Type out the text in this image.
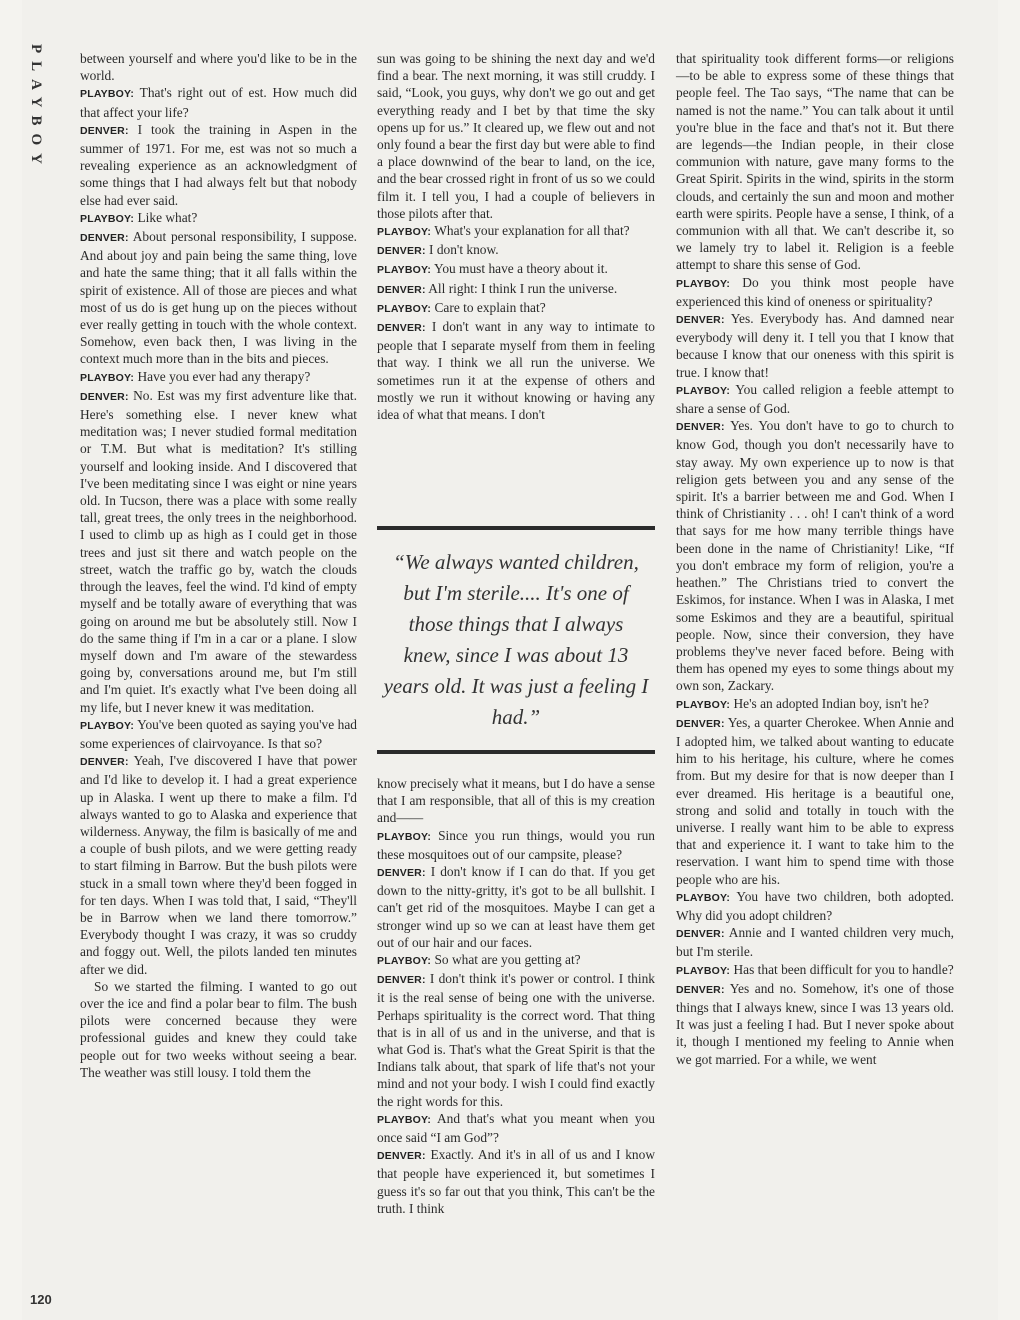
PLAYBOY
120

between yourself and where you'd like to be in the world.

PLAYBOY: That's right out of est. How much did that affect your life?

DENVER: I took the training in Aspen in the summer of 1971. For me, est was not so much a revealing experience as an acknowledgment of some things that I had always felt but that nobody else had ever said.

PLAYBOY: Like what?

DENVER: About personal responsibility, I suppose. And about joy and pain being the same thing, love and hate the same thing; that it all falls within the spirit of existence. All of those are pieces and what most of us do is get hung up on the pieces without ever really getting in touch with the whole context. Somehow, even back then, I was living in the context much more than in the bits and pieces.

PLAYBOY: Have you ever had any therapy?

DENVER: No. Est was my first adventure like that. Here's something else. I never knew what meditation was; I never studied formal meditation or T.M. But what is meditation? It's stilling yourself and looking inside. And I discovered that I've been meditating since I was eight or nine years old. In Tucson, there was a place with some really tall, great trees, the only trees in the neighborhood. I used to climb up as high as I could get in those trees and just sit there and watch people on the street, watch the traffic go by, watch the clouds through the leaves, feel the wind. I'd kind of empty myself and be totally aware of everything that was going on around me but be absolutely still. Now I do the same thing if I'm in a car or a plane. I slow myself down and I'm aware of the stewardess going by, conversations around me, but I'm still and I'm quiet. It's exactly what I've been doing all my life, but I never knew it was meditation.

PLAYBOY: You've been quoted as saying you've had some experiences of clairvoyance. Is that so?

DENVER: Yeah, I've discovered I have that power and I'd like to develop it. I had a great experience up in Alaska. I went up there to make a film. I'd always wanted to go to Alaska and experience that wilderness. Anyway, the film is basically of me and a couple of bush pilots, and we were getting ready to start filming in Barrow. But the bush pilots were stuck in a small town where they'd been fogged in for ten days. When I was told that, I said, “They'll be in Barrow when we land there tomorrow.” Everybody thought I was crazy, it was so cruddy and foggy out. Well, the pilots landed ten minutes after we did.

So we started the filming. I wanted to go out over the ice and find a polar bear to film. The bush pilots were concerned because they were professional guides and knew they could take people out for two weeks without seeing a bear. The weather was still lousy. I told them the

sun was going to be shining the next day and we'd find a bear. The next morning, it was still cruddy. I said, “Look, you guys, why don't we go out and get everything ready and I bet by that time the sky opens up for us.” It cleared up, we flew out and not only found a bear the first day but were able to find a place downwind of the bear to land, on the ice, and the bear crossed right in front of us so we could film it. I tell you, I had a couple of believers in those pilots after that.

PLAYBOY: What's your explanation for all that?

DENVER: I don't know.

PLAYBOY: You must have a theory about it.

DENVER: All right: I think I run the universe.

PLAYBOY: Care to explain that?

DENVER: I don't want in any way to intimate to people that I separate myself from them in feeling that way. I think we all run the universe. We sometimes run it at the expense of others and mostly we run it without knowing or having any idea of what that means. I don't

“We always wanted children, but I'm sterile.... It's one of those things that I always knew, since I was about 13 years old. It was just a feeling I had.”

know precisely what it means, but I do have a sense that I am responsible, that all of this is my creation and——

PLAYBOY: Since you run things, would you run these mosquitoes out of our campsite, please?

DENVER: I don't know if I can do that. If you get down to the nitty-gritty, it's got to be all bullshit. I can't get rid of the mosquitoes. Maybe I can get a stronger wind up so we can at least have them get out of our hair and our faces.

PLAYBOY: So what are you getting at?

DENVER: I don't think it's power or control. I think it is the real sense of being one with the universe. Perhaps spirituality is the correct word. That thing that is in all of us and in the universe, and that is what God is. That's what the Great Spirit is that the Indians talk about, that spark of life that's not your mind and not your body. I wish I could find exactly the right words for this.

PLAYBOY: And that's what you meant when you once said “I am God”?

DENVER: Exactly. And it's in all of us and I know that people have experienced it, but sometimes I guess it's so far out that you think, This can't be the truth. I think

that spirituality took different forms—or religions—to be able to express some of these things that people feel. The Tao says, “The name that can be named is not the name.” You can talk about it until you're blue in the face and that's not it. But there are legends—the Indian people, in their close communion with nature, gave many forms to the Great Spirit. Spirits in the wind, spirits in the storm clouds, and certainly the sun and moon and mother earth were spirits. People have a sense, I think, of a communion with all that. We can't describe it, so we lamely try to label it. Religion is a feeble attempt to share this sense of God.

PLAYBOY: Do you think most people have experienced this kind of oneness or spirituality?

DENVER: Yes. Everybody has. And damned near everybody will deny it. I tell you that I know that because I know that our oneness with this spirit is true. I know that!

PLAYBOY: You called religion a feeble attempt to share a sense of God.

DENVER: Yes. You don't have to go to church to know God, though you don't necessarily have to stay away. My own experience up to now is that religion gets between you and any sense of the spirit. It's a barrier between me and God. When I think of Christianity . . . oh! I can't think of a word that says for me how many terrible things have been done in the name of Christianity! Like, “If you don't embrace my form of religion, you're a heathen.” The Christians tried to convert the Eskimos, for instance. When I was in Alaska, I met some Eskimos and they are a beautiful, spiritual people. Now, since their conversion, they have problems they've never faced before. Being with them has opened my eyes to some things about my own son, Zackary.

PLAYBOY: He's an adopted Indian boy, isn't he?

DENVER: Yes, a quarter Cherokee. When Annie and I adopted him, we talked about wanting to educate him to his heritage, his culture, where he comes from. But my desire for that is now deeper than I ever dreamed. His heritage is a beautiful one, strong and solid and totally in touch with the universe. I really want him to be able to express that and experience it. I want to take him to the reservation. I want him to spend time with those people who are his.

PLAYBOY: You have two children, both adopted. Why did you adopt children?

DENVER: Annie and I wanted children very much, but I'm sterile.

PLAYBOY: Has that been difficult for you to handle?

DENVER: Yes and no. Somehow, it's one of those things that I always knew, since I was 13 years old. It was just a feeling I had. But I never spoke about it, though I mentioned my feeling to Annie when we got married. For a while, we went
